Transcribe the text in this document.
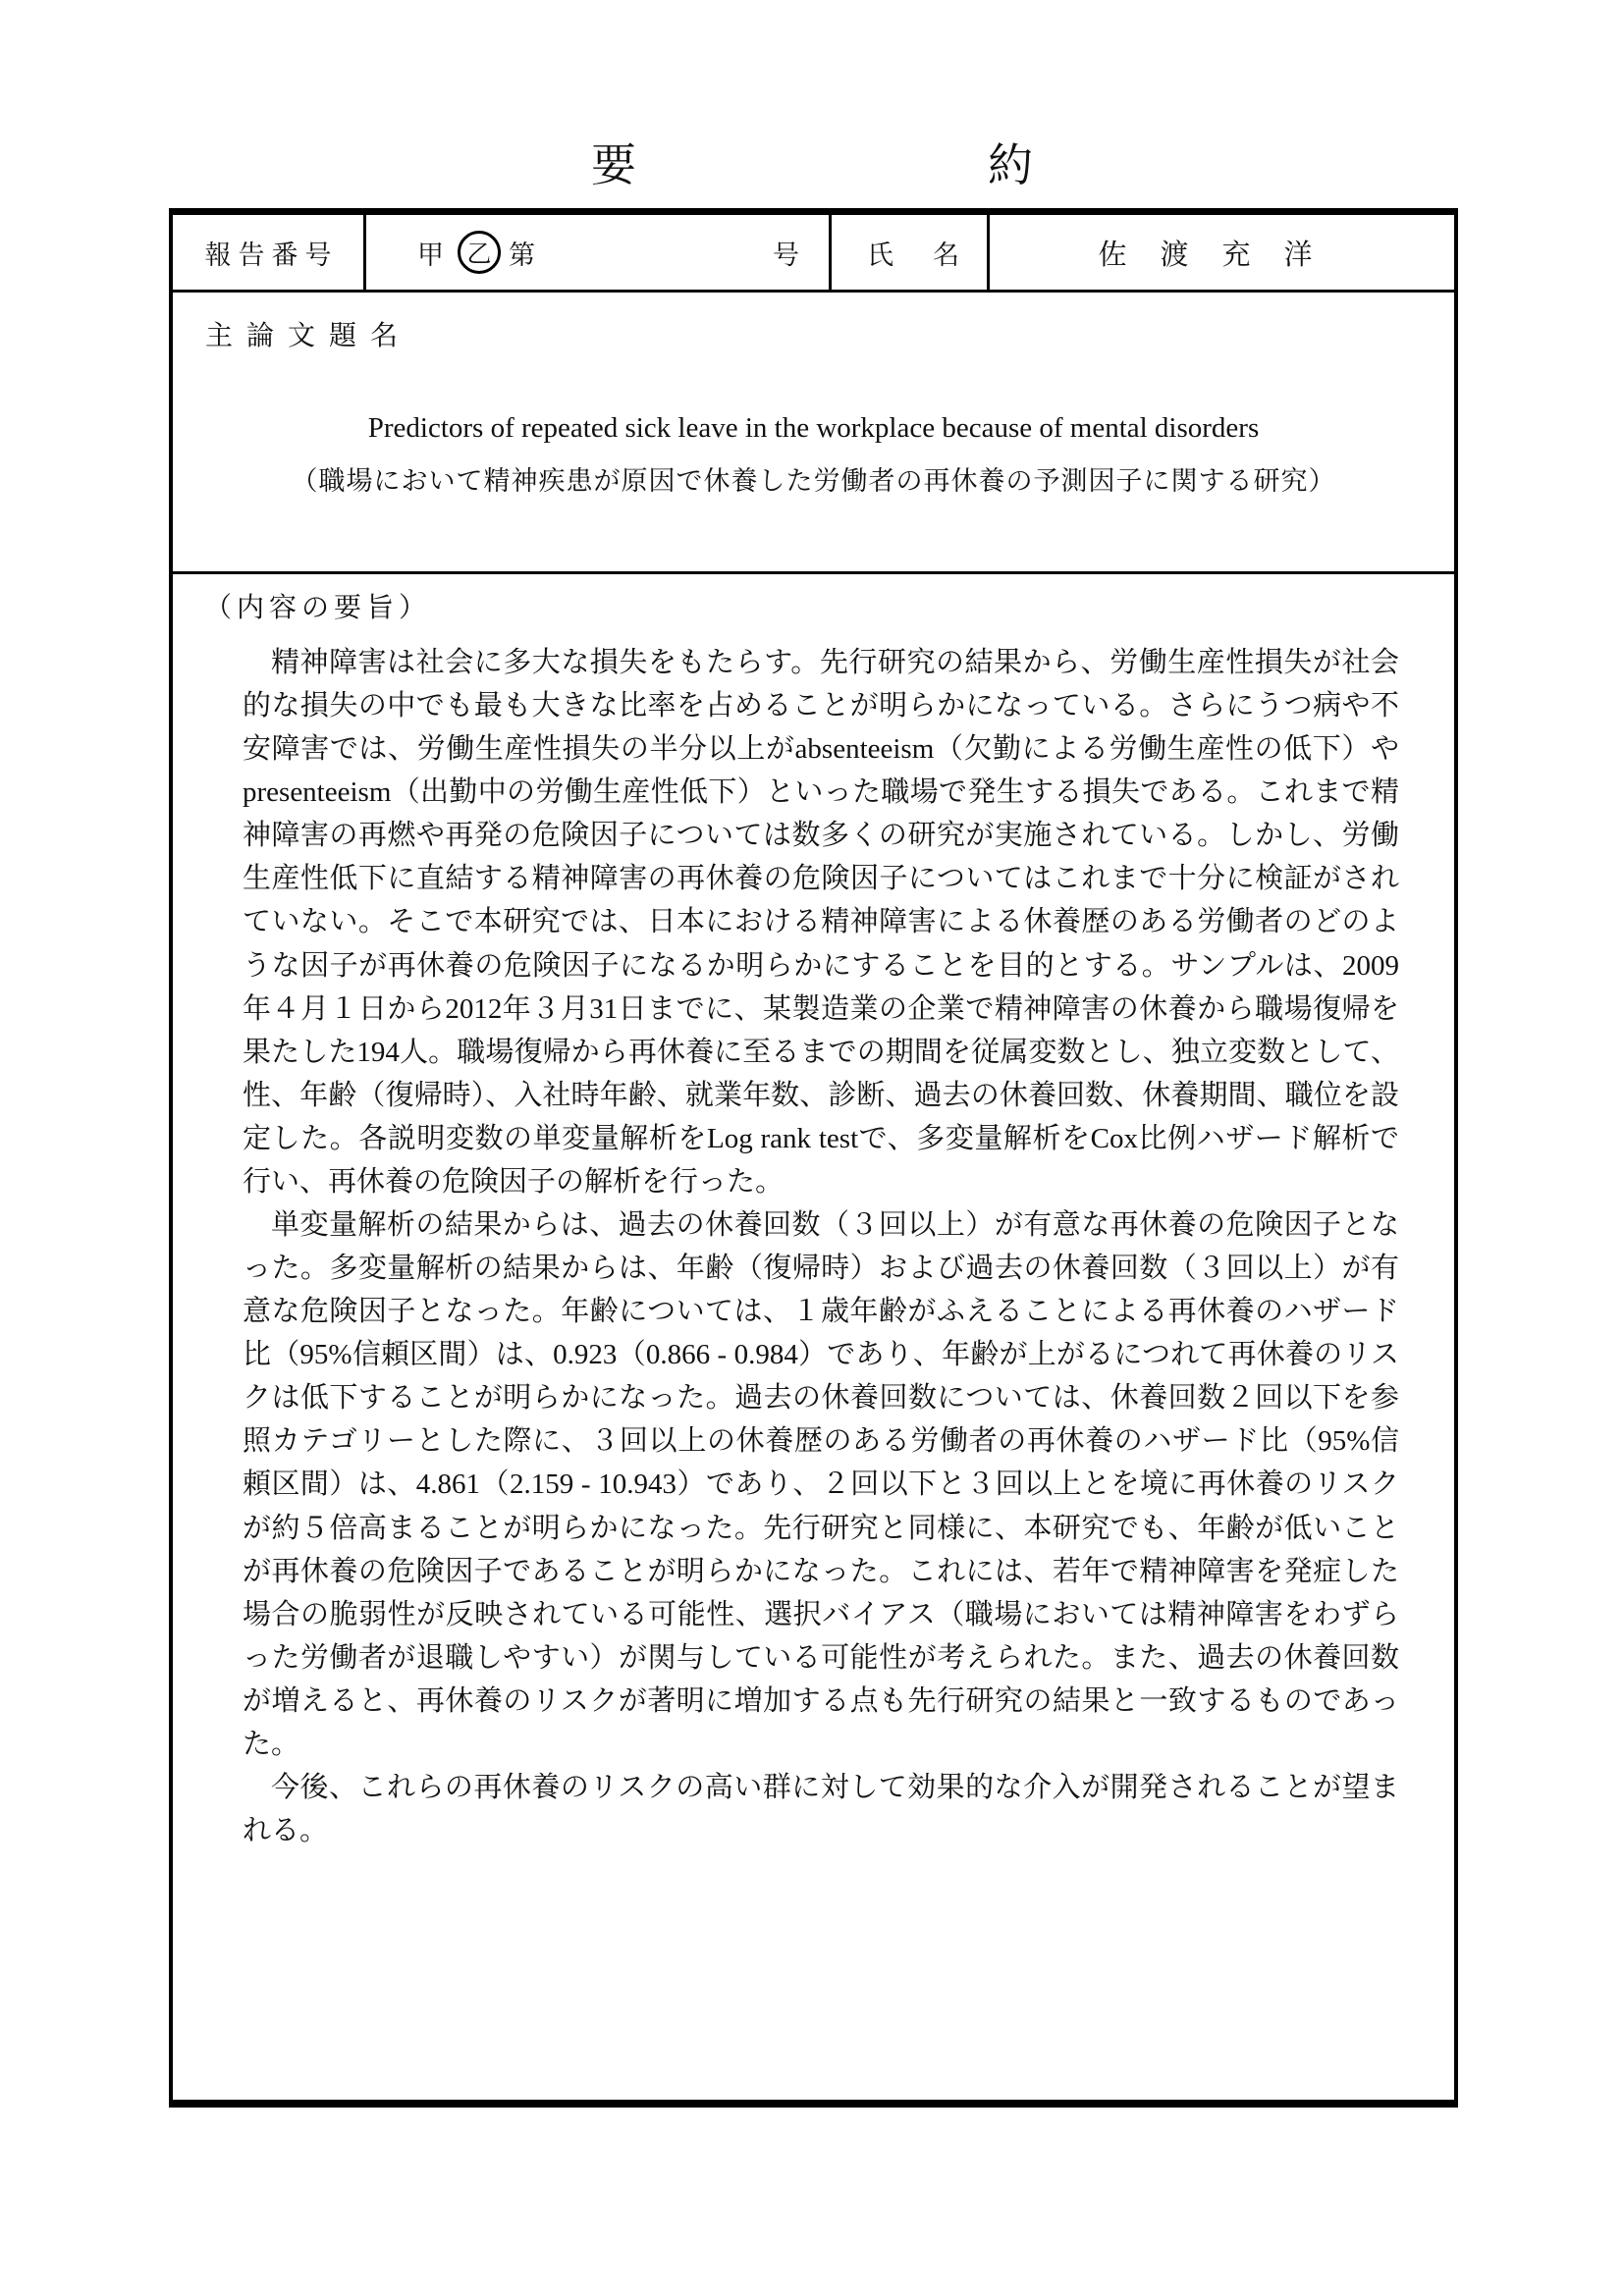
要	約
報告番号	甲 乙 第	号	氏 名	佐渡充洋
主論文題名
Predictors of repeated sick leave in the workplace because of mental disorders
（職場において精神疾患が原因で休養した労働者の再休養の予測因子に関する研究）
（内容の要旨）

精神障害は社会に多大な損失をもたらす。先行研究の結果から、労働生産性損失が社会的な損失の中でも最も大きな比率を占めることが明らかになっている。さらにうつ病や不安障害では、労働生産性損失の半分以上がabsenteeism（欠勤による労働生産性の低下）やpresenteeism（出勤中の労働生産性低下）といった職場で発生する損失である。これまで精神障害の再燃や再発の危険因子については数多くの研究が実施されている。しかし、労働生産性低下に直結する精神障害の再休養の危険因子についてはこれまで十分に検証がされていない。そこで本研究では、日本における精神障害による休養歴のある労働者のどのような因子が再休養の危険因子になるか明らかにすることを目的とする。サンプルは、2009年４月１日から2012年３月31日までに、某製造業の企業で精神障害の休養から職場復帰を果たした194人。職場復帰から再休養に至るまでの期間を従属変数とし、独立変数として、性、年齢（復帰時）、入社時年齢、就業年数、診断、過去の休養回数、休養期間、職位を設定した。各説明変数の単変量解析をLog rank testで、多変量解析をCox比例ハザード解析で行い、再休養の危険因子の解析を行った。

単変量解析の結果からは、過去の休養回数（３回以上）が有意な再休養の危険因子となった。多変量解析の結果からは、年齢（復帰時）および過去の休養回数（３回以上）が有意な危険因子となった。年齢については、１歳年齢がふえることによる再休養のハザード比（95%信頼区間）は、0.923（0.866 - 0.984）であり、年齢が上がるにつれて再休養のリスクは低下することが明らかになった。過去の休養回数については、休養回数２回以下を参照カテゴリーとした際に、３回以上の休養歴のある労働者の再休養のハザード比（95%信頼区間）は、4.861（2.159 - 10.943）であり、２回以下と３回以上とを境に再休養のリスクが約５倍高まることが明らかになった。先行研究と同様に、本研究でも、年齢が低いことが再休養の危険因子であることが明らかになった。これには、若年で精神障害を発症した場合の脆弱性が反映されている可能性、選択バイアス（職場においては精神障害をわずらった労働者が退職しやすい）が関与している可能性が考えられた。また、過去の休養回数が増えると、再休養のリスクが著明に増加する点も先行研究の結果と一致するものであった。

今後、これらの再休養のリスクの高い群に対して効果的な介入が開発されることが望まれる。
